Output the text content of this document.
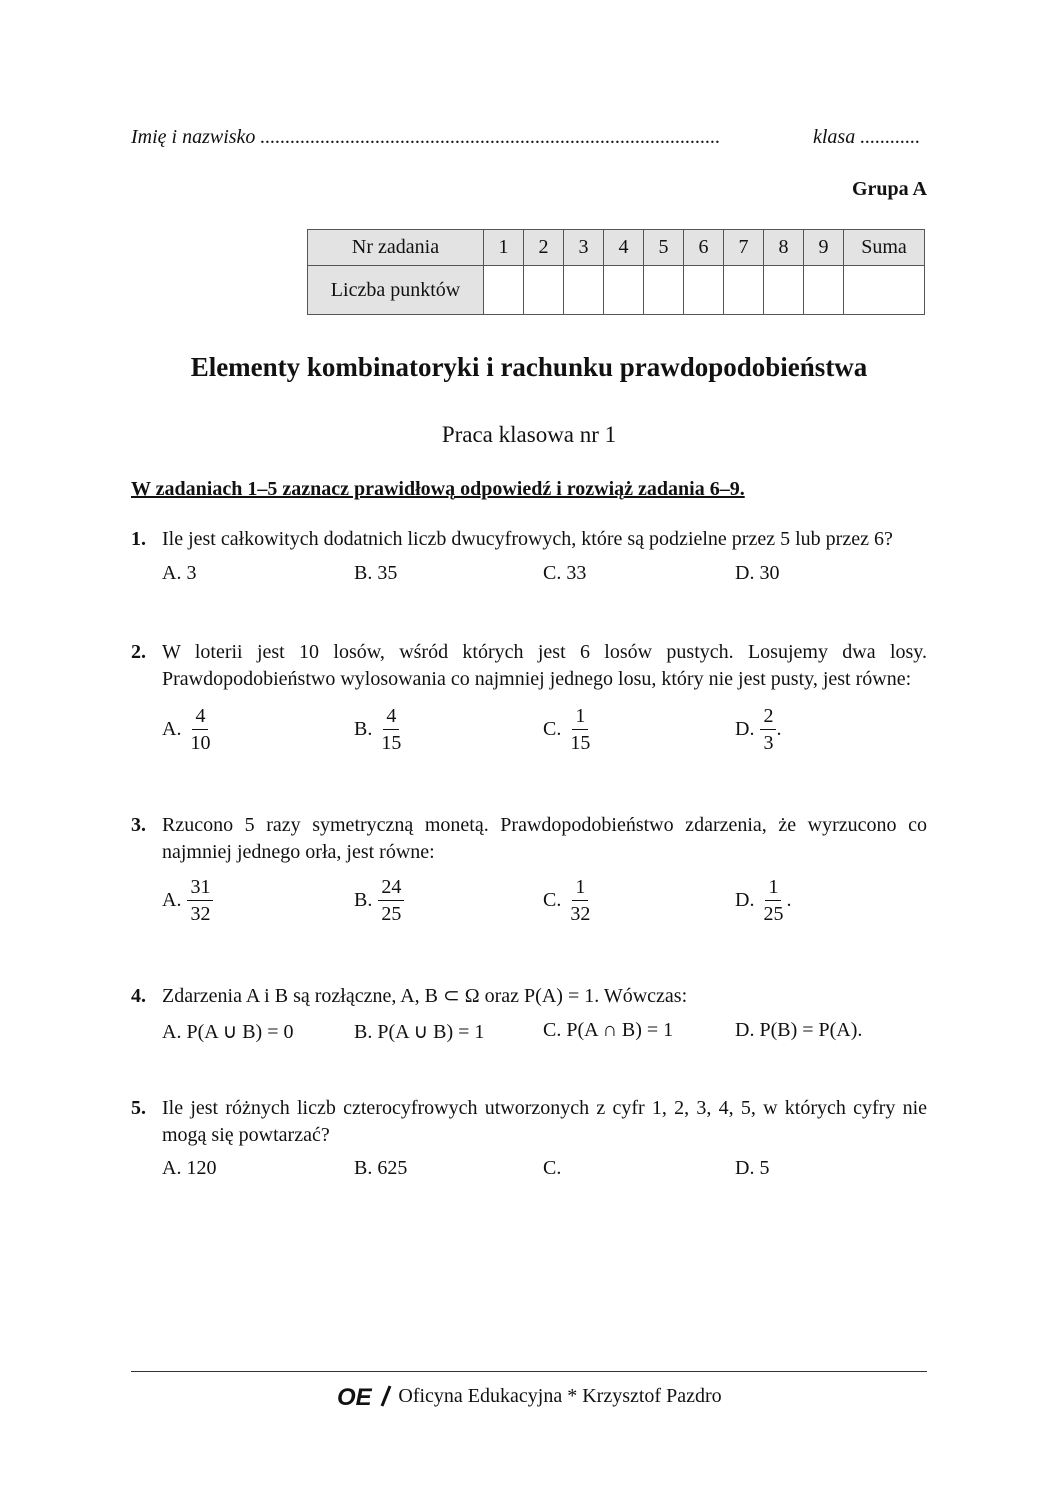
Imię i nazwisko ............................................................................................	klasa ............
Grupa A
Nr zadania	1	2	3	4	5	6	7	8	9	Suma
Liczba punktów										
Elementy kombinatoryki i rachunku prawdopodobieństwa
Praca klasowa nr 1
W zadaniach 1–5 zaznacz prawidłową odpowiedź i rozwiąż zadania 6–9.
1. Ile jest całkowitych dodatnich liczb dwucyfrowych, które są podzielne przez 5 lub przez 6?
A. 3	B. 35	C. 33	D. 30
2. W loterii jest 10 losów, wśród których jest 6 losów pustych. Losujemy dwa losy. Prawdopodobieństwo wylosowania co najmniej jednego losu, który nie jest pusty, jest równe:
A. $\frac{4}{10}$	B. $\frac{4}{15}$	C. $\frac{1}{15}$	D. $\frac{2}{3}$ .
3. Rzucono 5 razy symetryczną monetą. Prawdopodobieństwo zdarzenia, że wyrzucono co najmniej jednego orła, jest równe:
A. $\frac{31}{32}$	B. $\frac{24}{25}$	C. $\frac{1}{32}$	D. $\frac{1}{25}$ .
4. Zdarzenia A i B są rozłączne, A, B ⊂ Ω oraz P(A) = 1. Wówczas:
A. P(A ∪ B) = 0	B. P(A ∪ B) = 1	C. P(A ∩ B) = 1	D. P(B) = P(A).
5. Ile jest różnych liczb czterocyfrowych utworzonych z cyfr 1, 2, 3, 4, 5, w których cyfry nie mogą się powtarzać?
A. 120	B. 625	C.	D. 5
OE Oficyna Edukacyjna * Krzysztof Pazdro
